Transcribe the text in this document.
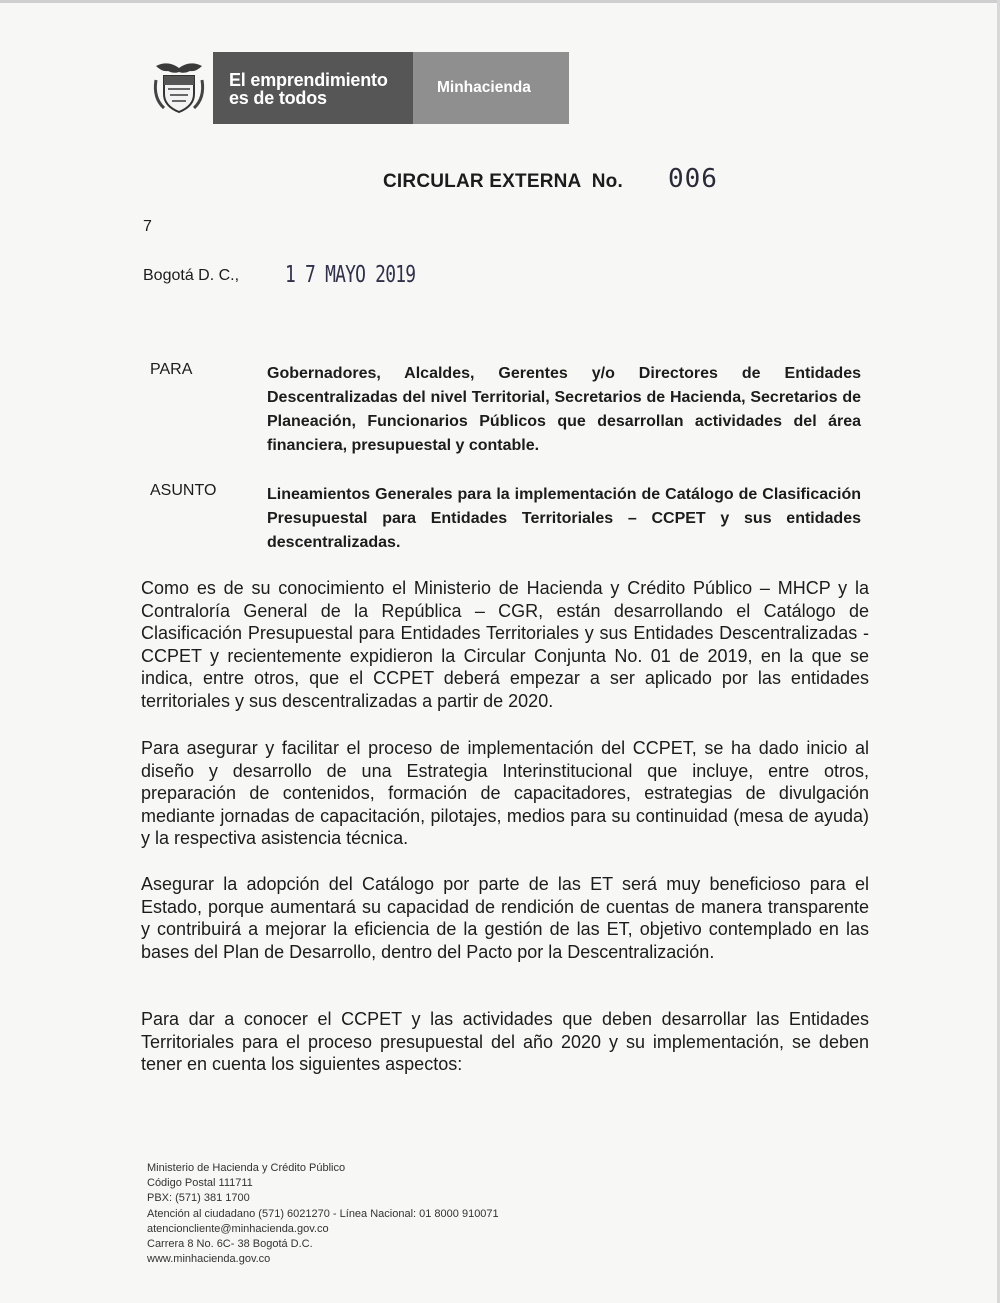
El emprendimiento
es de todos
Minhacienda
CIRCULAR EXTERNA  No. 006
7
Bogotá D. C., 1 7 MAYO 2019
PARA	Gobernadores, Alcaldes, Gerentes y/o Directores de Entidades Descentralizadas del nivel Territorial, Secretarios de Hacienda, Secretarios de Planeación, Funcionarios Públicos que desarrollan actividades del área financiera, presupuestal y contable.
ASUNTO	Lineamientos Generales para la implementación de Catálogo de Clasificación Presupuestal para Entidades Territoriales – CCPET y sus entidades descentralizadas.
Como es de su conocimiento el Ministerio de Hacienda y Crédito Público – MHCP y la Contraloría General de la República – CGR, están desarrollando el Catálogo de Clasificación Presupuestal para Entidades Territoriales y sus Entidades Descentralizadas - CCPET y recientemente expidieron la Circular Conjunta No. 01 de 2019, en la que se indica, entre otros, que el CCPET deberá empezar a ser aplicado por las entidades territoriales y sus descentralizadas a partir de 2020.
Para asegurar y facilitar el proceso de implementación del CCPET, se ha dado inicio al diseño y desarrollo de una Estrategia Interinstitucional que incluye, entre otros, preparación de contenidos, formación de capacitadores, estrategias de divulgación mediante jornadas de capacitación, pilotajes, medios para su continuidad (mesa de ayuda) y la respectiva asistencia técnica.
Asegurar la adopción del Catálogo por parte de las ET será muy beneficioso para el Estado, porque aumentará su capacidad de rendición de cuentas de manera transparente y contribuirá a mejorar la eficiencia de la gestión de las ET, objetivo contemplado en las bases del Plan de Desarrollo, dentro del Pacto por la Descentralización.
Para dar a conocer el CCPET y las actividades que deben desarrollar las Entidades Territoriales para el proceso presupuestal del año 2020 y su implementación, se deben tener en cuenta los siguientes aspectos:
Ministerio de Hacienda y Crédito Público
Código Postal 111711
PBX: (571) 381 1700
Atención al ciudadano (571) 6021270 - Línea Nacional: 01 8000 910071
atencioncliente@minhacienda.gov.co
Carrera 8 No. 6C- 38 Bogotá D.C.
www.minhacienda.gov.co
